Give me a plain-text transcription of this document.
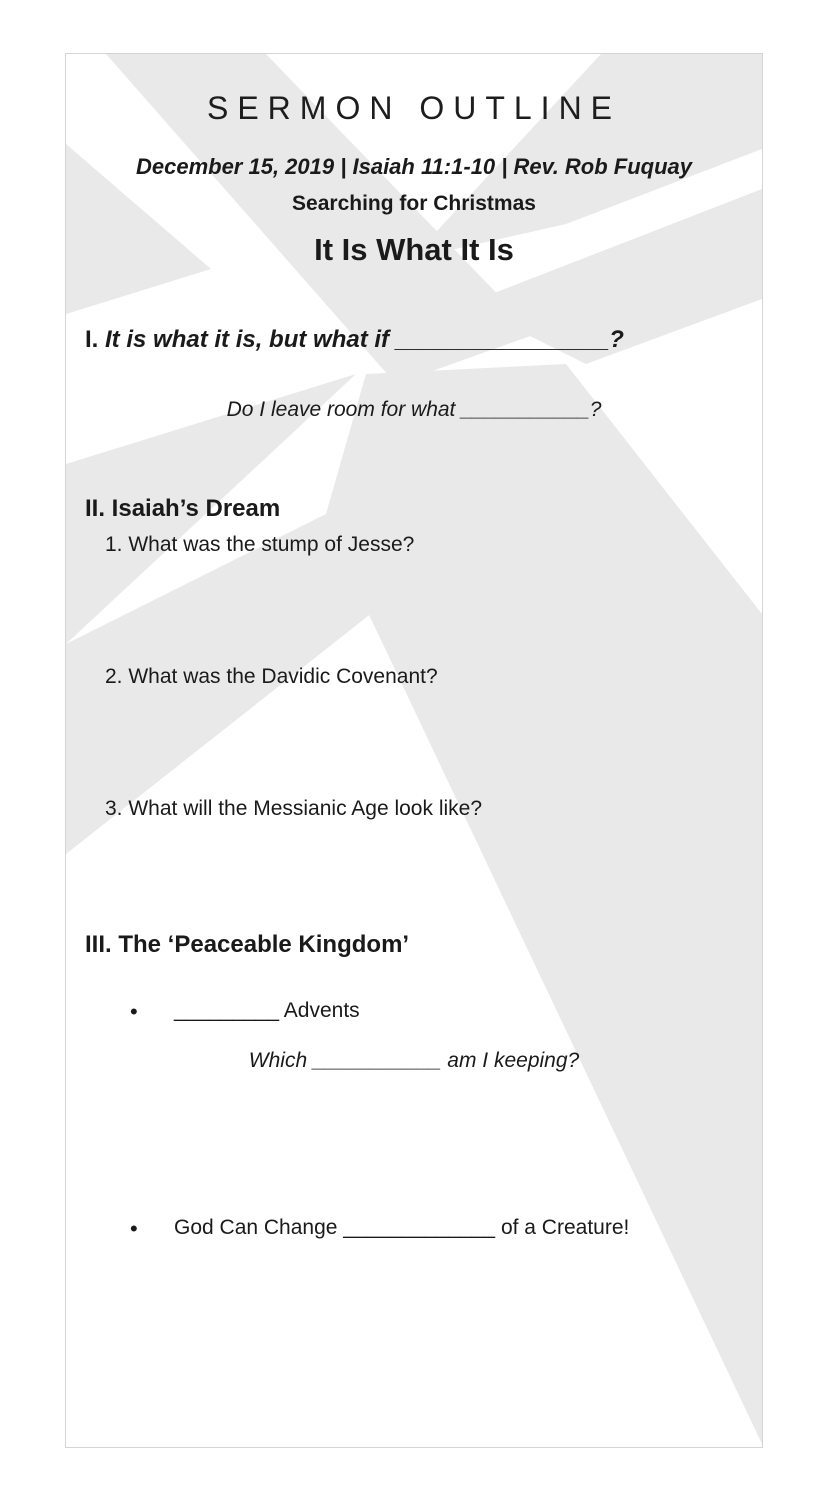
SERMON OUTLINE
December 15, 2019 | Isaiah 11:1-10 | Rev. Rob Fuquay
Searching for Christmas
It Is What It Is
I. It is what it is, but what if ________________?
Do I leave room for what ___________?
II. Isaiah’s Dream
1. What was the stump of Jesse?
2. What was the Davidic Covenant?
3. What will the Messianic Age look like?
III. The ‘Peaceable Kingdom’
• _________ Advents
Which ___________ am I keeping?
• God Can Change _____________ of a Creature!
